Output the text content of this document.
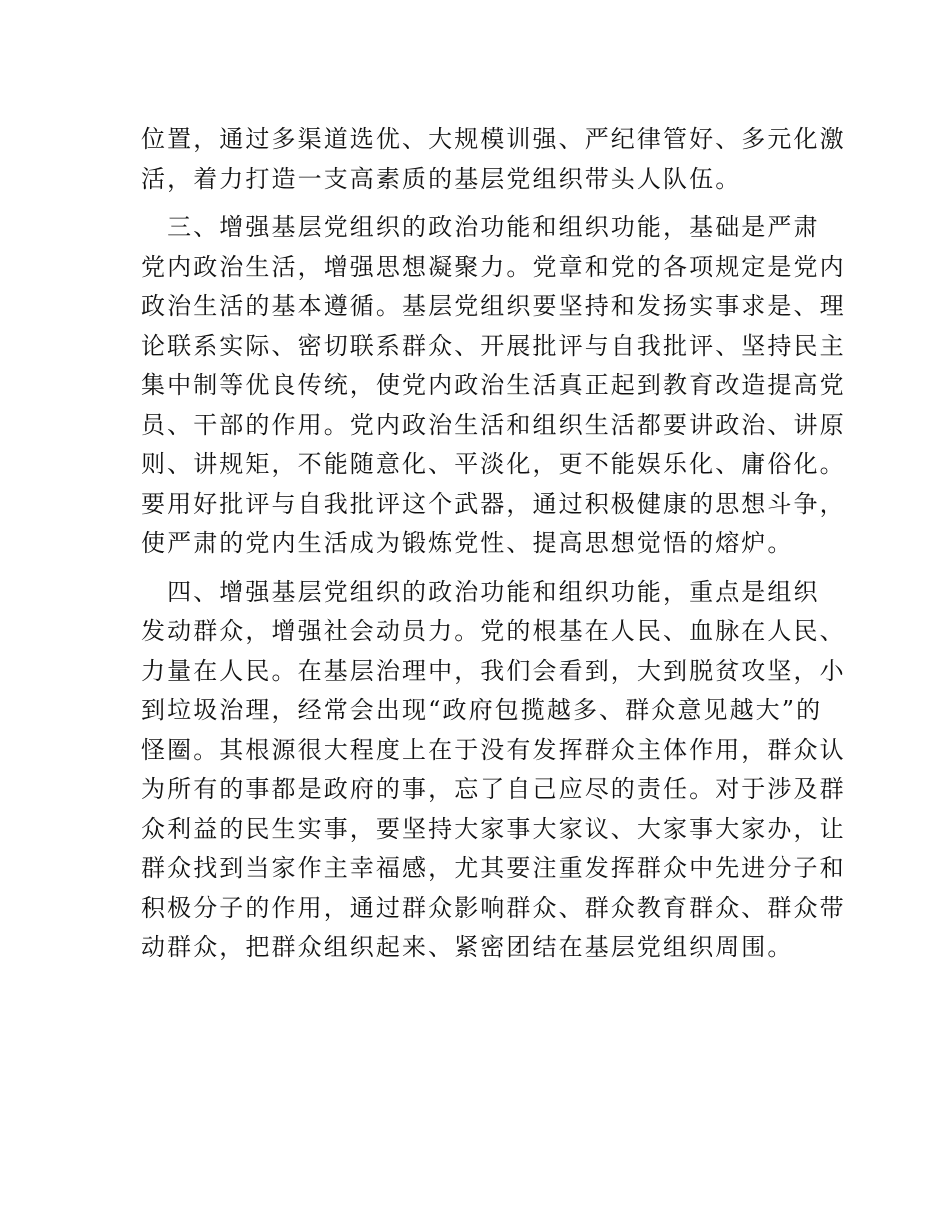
位置，通过多渠道选优、大规模训强、严纪律管好、多元化激
活，着力打造一支高素质的基层党组织带头人队伍。
　三、增强基层党组织的政治功能和组织功能，基础是严肃
党内政治生活，增强思想凝聚力。党章和党的各项规定是党内
政治生活的基本遵循。基层党组织要坚持和发扬实事求是、理
论联系实际、密切联系群众、开展批评与自我批评、坚持民主
集中制等优良传统，使党内政治生活真正起到教育改造提高党
员、干部的作用。党内政治生活和组织生活都要讲政治、讲原
则、讲规矩，不能随意化、平淡化，更不能娱乐化、庸俗化。
要用好批评与自我批评这个武器，通过积极健康的思想斗争，
使严肃的党内生活成为锻炼党性、提高思想觉悟的熔炉。
　四、增强基层党组织的政治功能和组织功能，重点是组织
发动群众，增强社会动员力。党的根基在人民、血脉在人民、
力量在人民。在基层治理中，我们会看到，大到脱贫攻坚，小
到垃圾治理，经常会出现“政府包揽越多、群众意见越大”的
怪圈。其根源很大程度上在于没有发挥群众主体作用，群众认
为所有的事都是政府的事，忘了自己应尽的责任。对于涉及群
众利益的民生实事，要坚持大家事大家议、大家事大家办，让
群众找到当家作主幸福感，尤其要注重发挥群众中先进分子和
积极分子的作用，通过群众影响群众、群众教育群众、群众带
动群众，把群众组织起来、紧密团结在基层党组织周围。
